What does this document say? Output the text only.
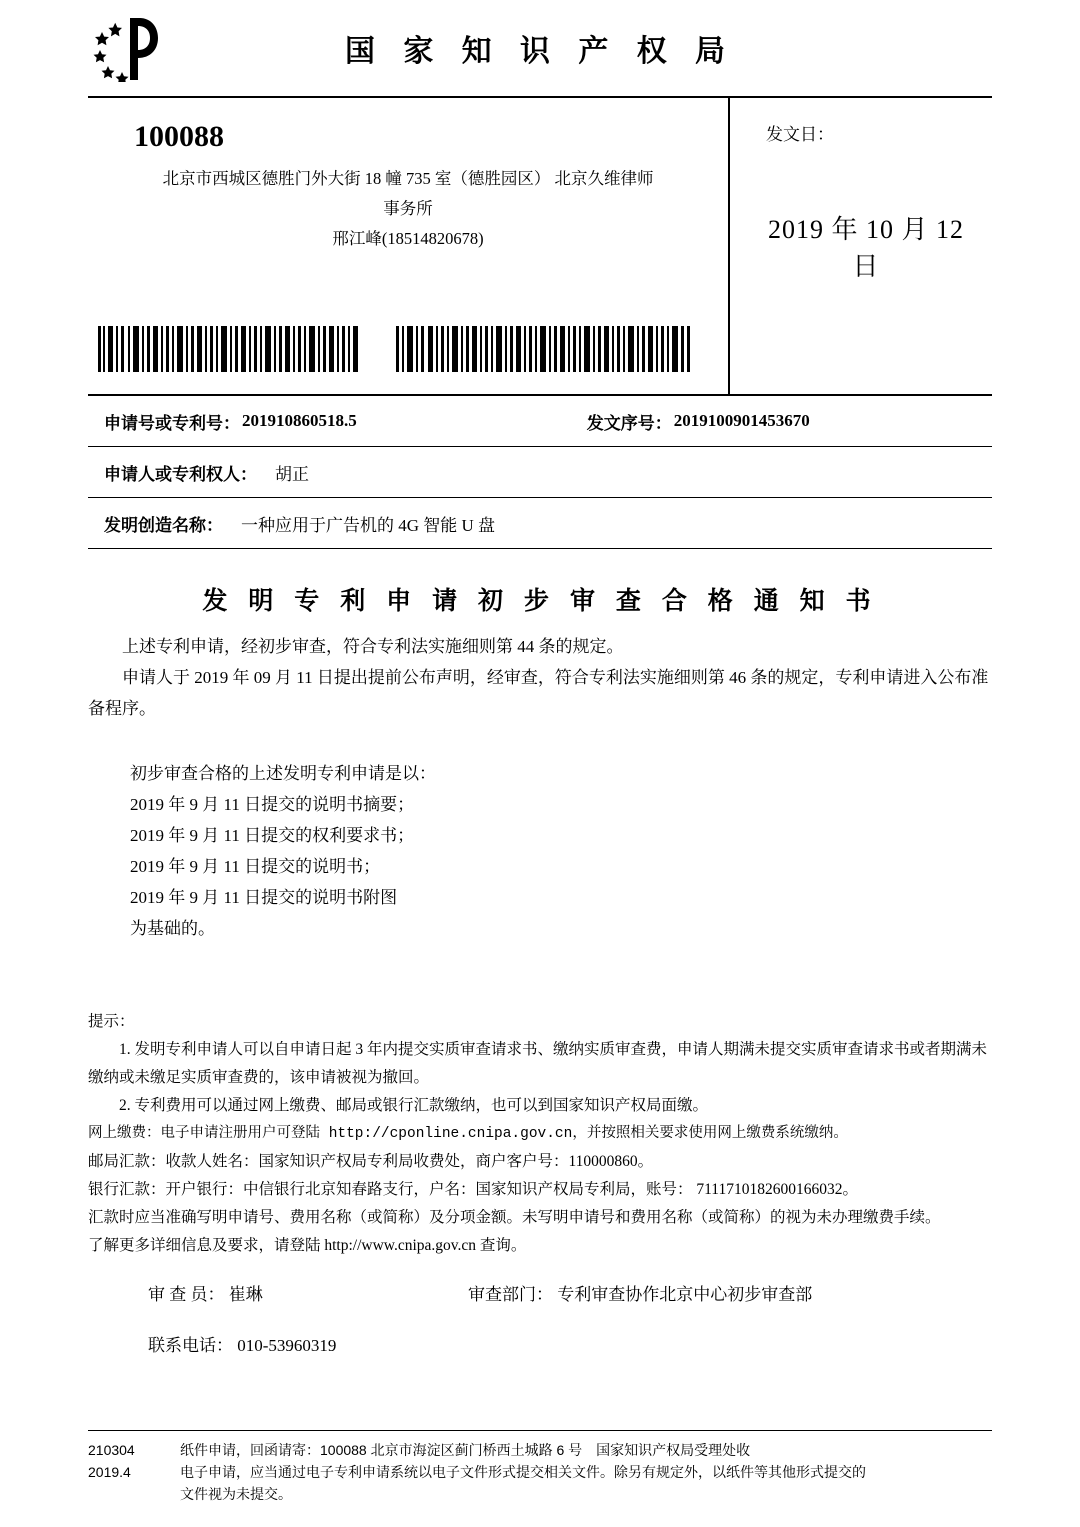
国 家 知 识 产 权 局
100088
北京市西城区德胜门外大街 18 幢 735 室（德胜园区） 北京久维律师
事务所
邢江峰(18514820678)
发文日：
2019 年 10 月 12 日
申请号或专利号： 201910860518.5	发文序号： 2019100901453670
申请人或专利权人： 胡正
发明创造名称： 一种应用于广告机的 4G 智能 U 盘
发 明 专 利 申 请 初 步 审 查 合 格 通 知 书

上述专利申请，经初步审查，符合专利法实施细则第 44 条的规定。

申请人于 2019 年 09 月 11 日提出提前公布声明，经审查，符合专利法实施细则第 46 条的规定，专利申请进入公布准备程序。

初步审查合格的上述发明专利申请是以：
2019 年 9 月 11 日提交的说明书摘要；
2019 年 9 月 11 日提交的权利要求书；
2019 年 9 月 11 日提交的说明书；
2019 年 9 月 11 日提交的说明书附图
为基础的。
提示：
1. 发明专利申请人可以自申请日起 3 年内提交实质审查请求书、缴纳实质审查费，申请人期满未提交实质审查请求书或者期满未缴纳或未缴足实质审查费的，该申请被视为撤回。
2. 专利费用可以通过网上缴费、邮局或银行汇款缴纳，也可以到国家知识产权局面缴。
网上缴费：电子申请注册用户可登陆 http://cponline.cnipa.gov.cn，并按照相关要求使用网上缴费系统缴纳。
邮局汇款：收款人姓名：国家知识产权局专利局收费处，商户客户号：110000860。
银行汇款：开户银行：中信银行北京知春路支行，户名：国家知识产权局专利局，账号： 7111710182600166032。
汇款时应当准确写明申请号、费用名称（或简称）及分项金额。未写明申请号和费用名称（或简称）的视为未办理缴费手续。
了解更多详细信息及要求，请登陆 http://www.cnipa.gov.cn 查询。
审 查 员： 崔琳	审查部门： 专利审查协作北京中心初步审查部
联系电话： 010-53960319
210304
2019.4
纸件申请，回函请寄：100088 北京市海淀区蓟门桥西土城路 6 号　国家知识产权局受理处收
电子申请，应当通过电子专利申请系统以电子文件形式提交相关文件。除另有规定外，以纸件等其他形式提交的
文件视为未提交。
